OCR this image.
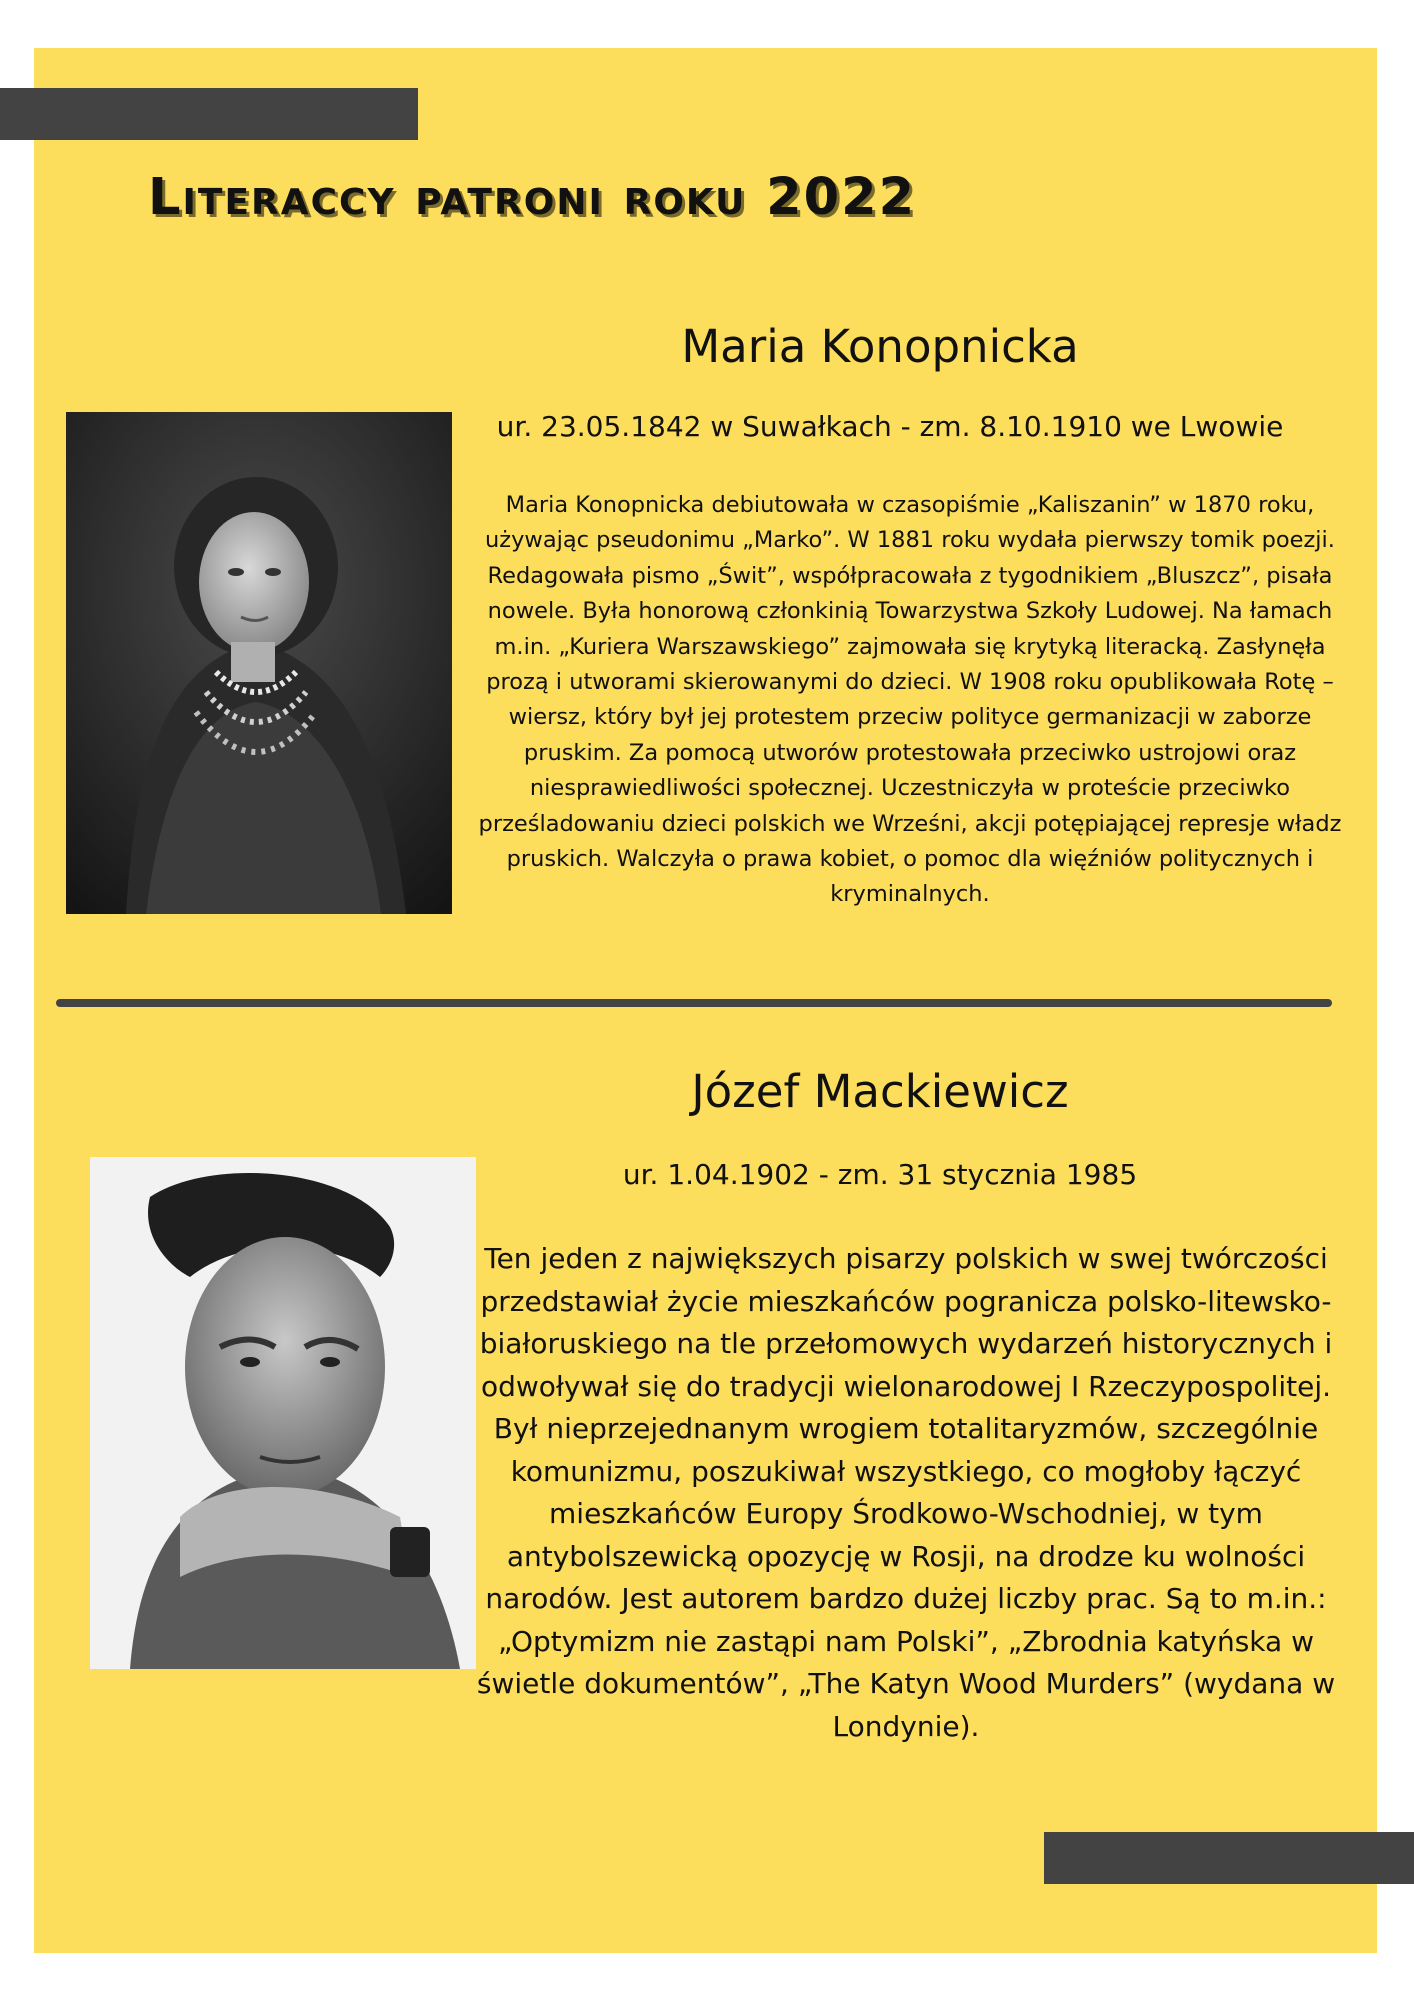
Literaccy patroni roku 2022
Maria Konopnicka
ur. 23.05.1842 w Suwałkach - zm. 8.10.1910 we Lwowie
Maria Konopnicka debiutowała w czasopiśmie „Kaliszanin” w 1870 roku, używając pseudonimu „Marko”. W 1881 roku wydała pierwszy tomik poezji. Redagowała pismo „Świt”, współpracowała z tygodnikiem „Bluszcz”, pisała nowele. Była honorową członkinią Towarzystwa Szkoły Ludowej. Na łamach m.in. „Kuriera Warszawskiego” zajmowała się krytyką literacką. Zasłynęła prozą i utworami skierowanymi do dzieci. W 1908 roku opublikowała Rotę – wiersz, który był jej protestem przeciw polityce germanizacji w zaborze pruskim. Za pomocą utworów protestowała przeciwko ustrojowi oraz niesprawiedliwości społecznej. Uczestniczyła w proteście przeciwko prześladowaniu dzieci polskich we Wrześni, akcji potępiającej represje władz pruskich. Walczyła o prawa kobiet, o pomoc dla więźniów politycznych i kryminalnych.
Józef Mackiewicz
ur. 1.04.1902 - zm. 31 stycznia 1985
Ten jeden z największych pisarzy polskich w swej twórczości przedstawiał życie mieszkańców pogranicza polsko-litewsko-białoruskiego na tle przełomowych wydarzeń historycznych i odwoływał się do tradycji wielonarodowej I Rzeczypospolitej. Był nieprzejednanym wrogiem totalitaryzmów, szczególnie komunizmu, poszukiwał wszystkiego, co mogłoby łączyć mieszkańców Europy Środkowo-Wschodniej, w tym antybolszewicką opozycję w Rosji, na drodze ku wolności narodów. Jest autorem bardzo dużej liczby prac. Są to m.in.: „Optymizm nie zastąpi nam Polski”, „Zbrodnia katyńska w świetle dokumentów”, „The Katyn Wood Murders” (wydana w Londynie).
